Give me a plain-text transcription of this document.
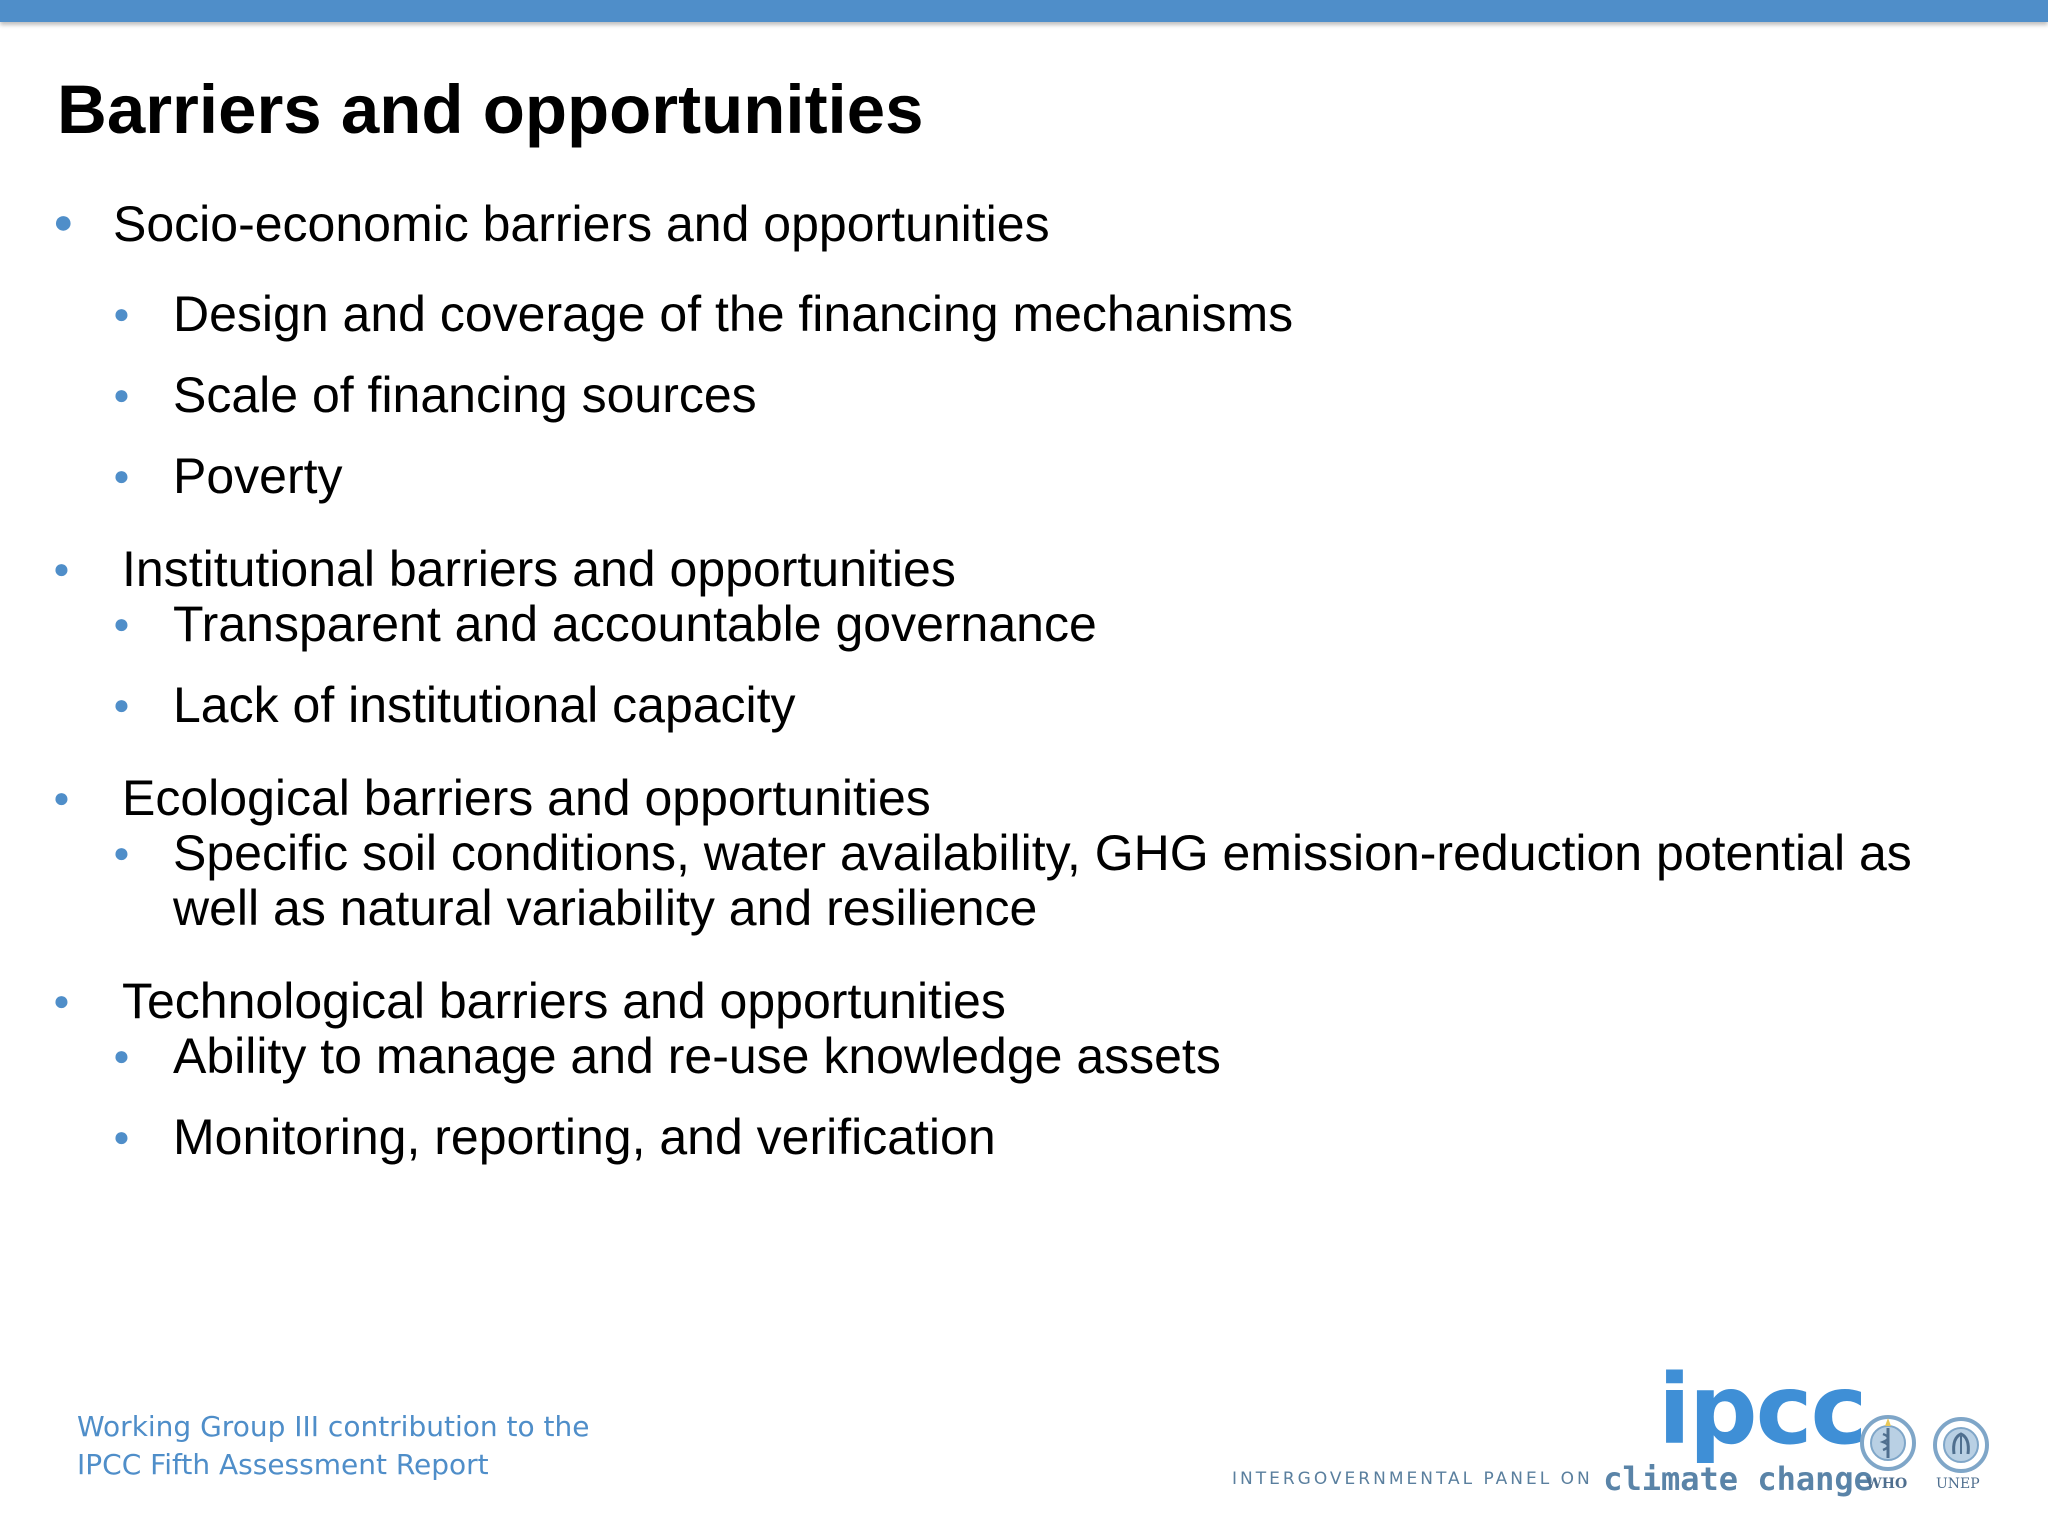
Barriers and opportunities
● Socio-economic barriers and opportunities

● Design and coverage of the financing mechanisms

● Scale of financing sources

● Poverty

● Institutional barriers and opportunities

● Transparent and accountable governance

● Lack of institutional capacity

● Ecological barriers and opportunities

● Specific soil conditions, water availability, GHG emission-reduction potential as

well as natural variability and resilience

● Technological barriers and opportunities

● Ability to manage and re-use knowledge assets

● Monitoring, reporting, and verification

Working Group III contribution to the
IPCC Fifth Assessment Report	ipcc
INTERGOVERNMENTAL PANEL ON climate change
WHO UNEP
